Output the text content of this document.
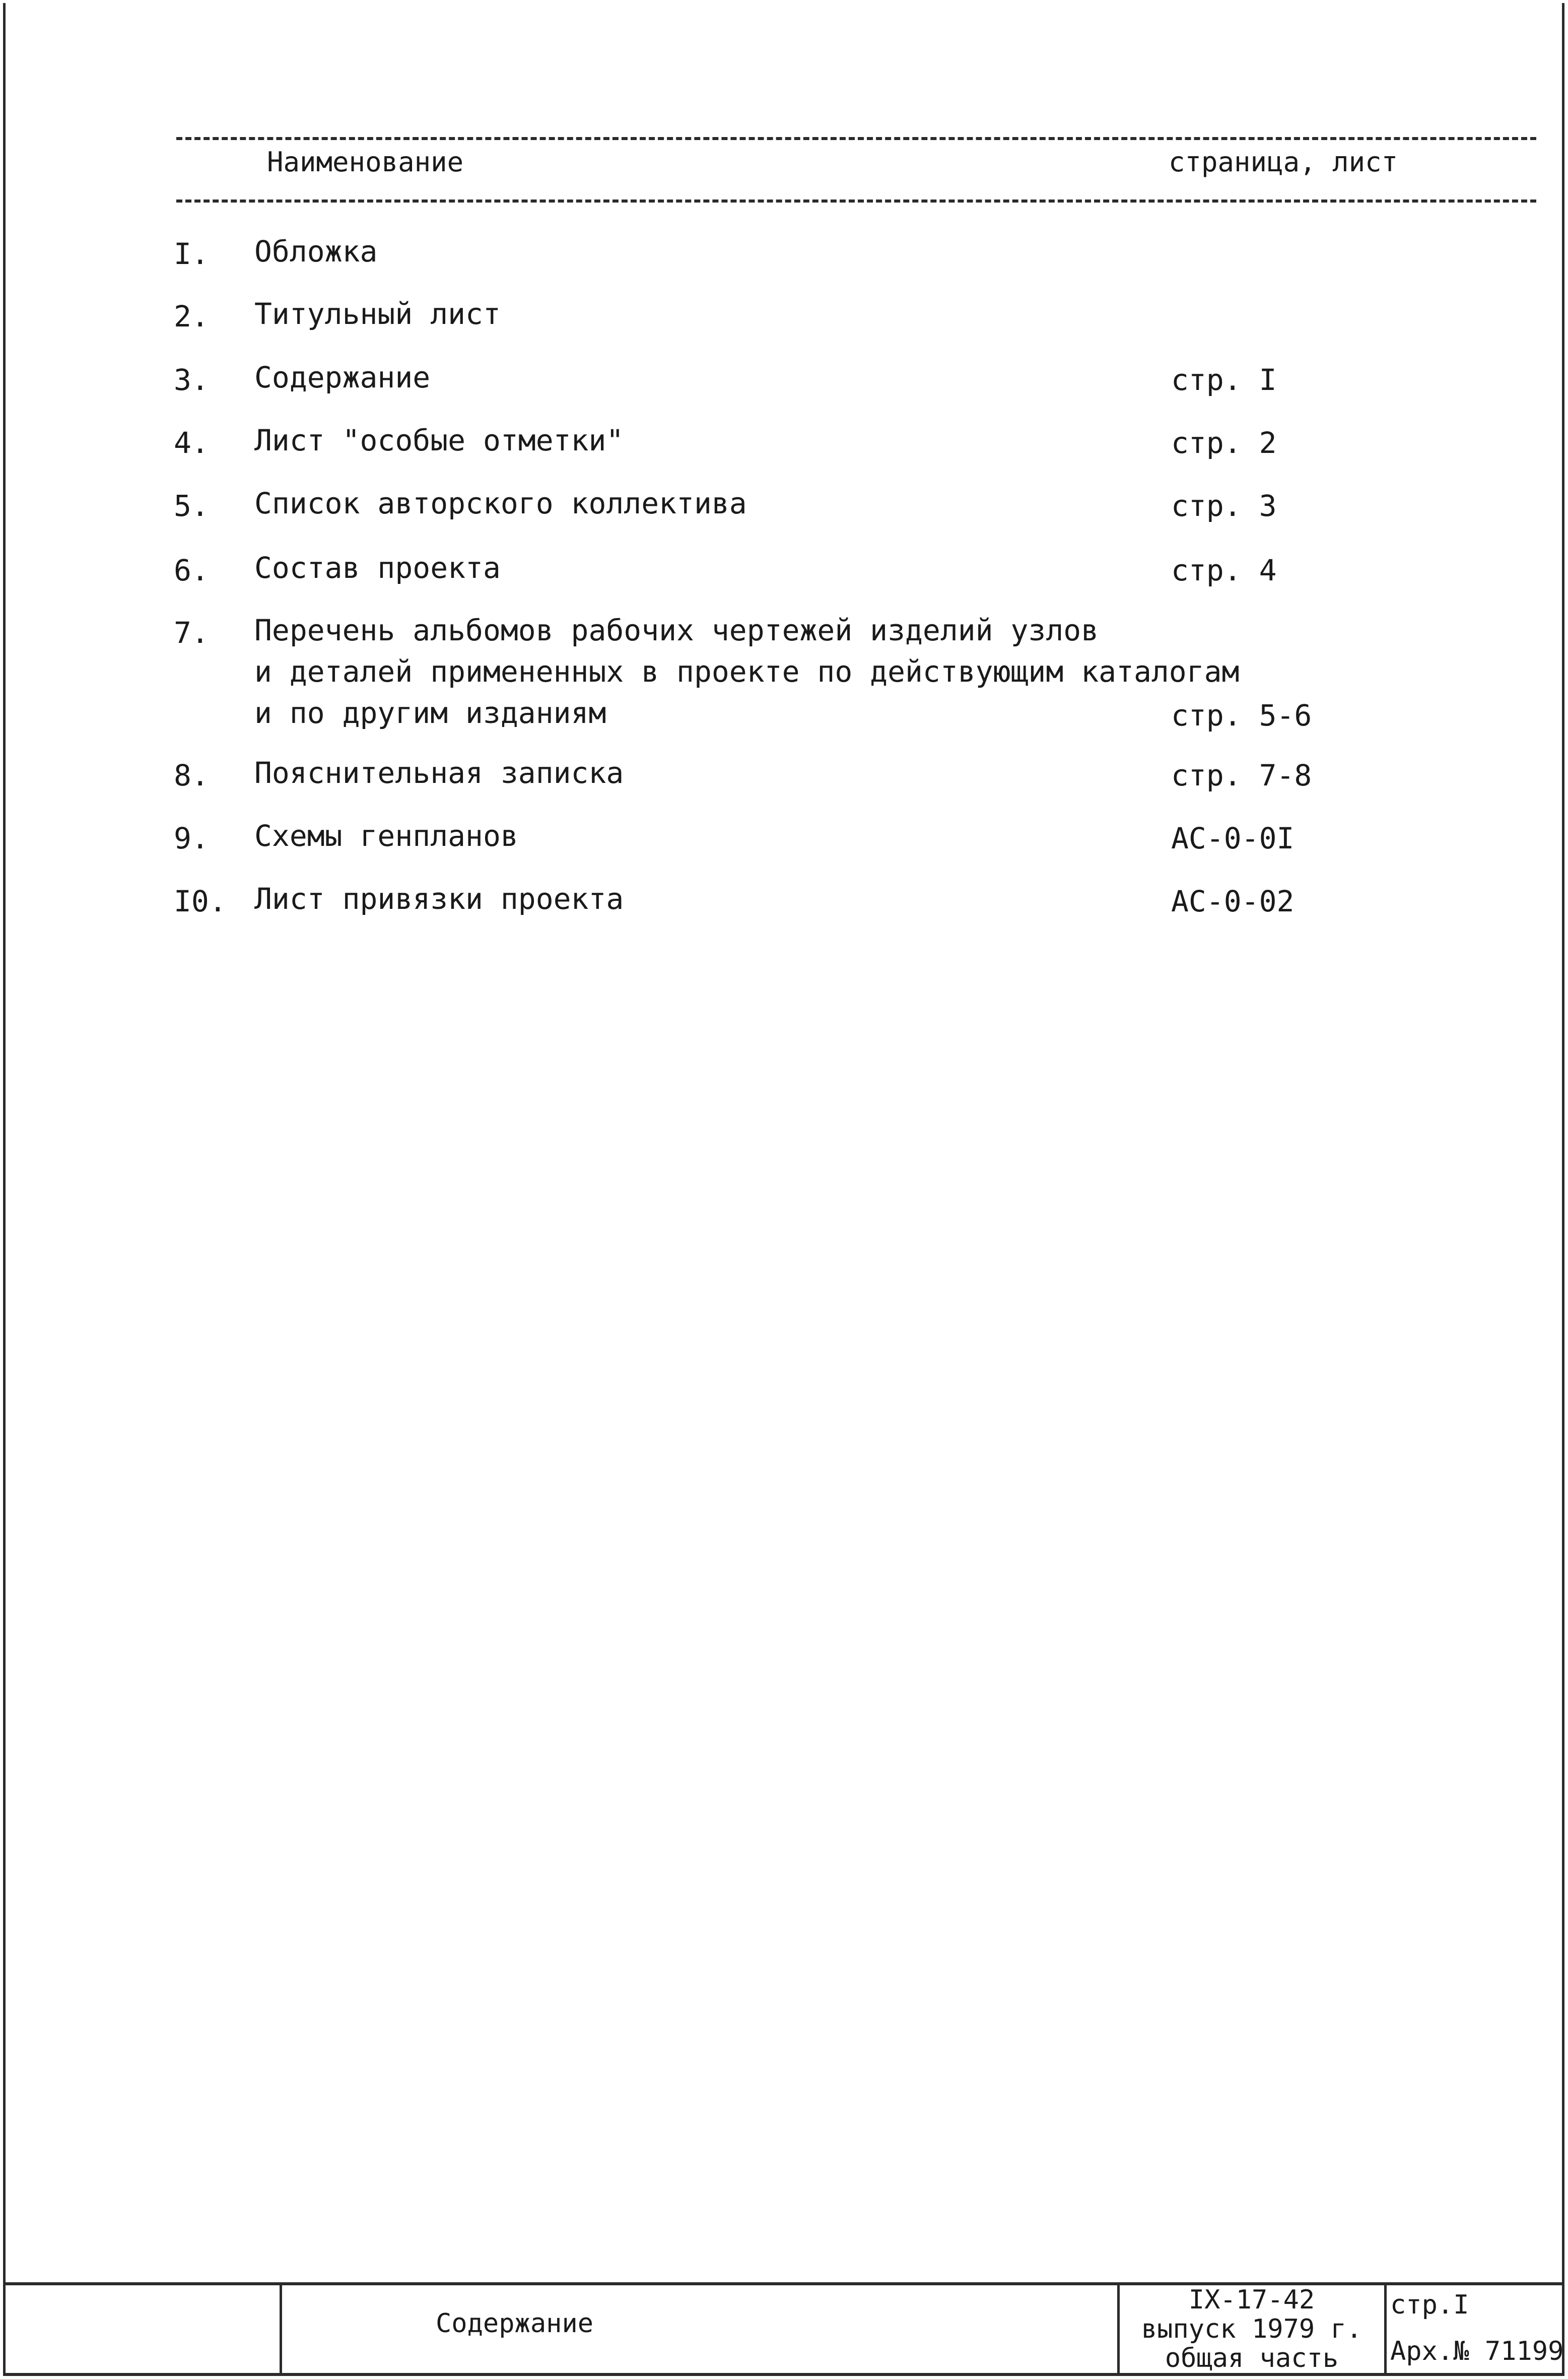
Наименование	страница, лист
I. Обложка
2. Титульный лист
3. Содержание	стр. I
4. Лист "особые отметки"	стр. 2
5. Список авторского коллектива	стр. 3
6. Состав проекта	стр. 4
7. Перечень альбомов рабочих чертежей изделий узлов
и деталей примененных в проекте по действующим каталогам
и по другим изданиям	стр. 5-6
8. Пояснительная записка	стр. 7-8
9. Схемы генпланов	АС-0-0I
I0. Лист привязки проекта	АС-0-02
Содержание
IX-17-42
выпуск 1979 г.
общая часть
стр.I
Арх.№ 71199
